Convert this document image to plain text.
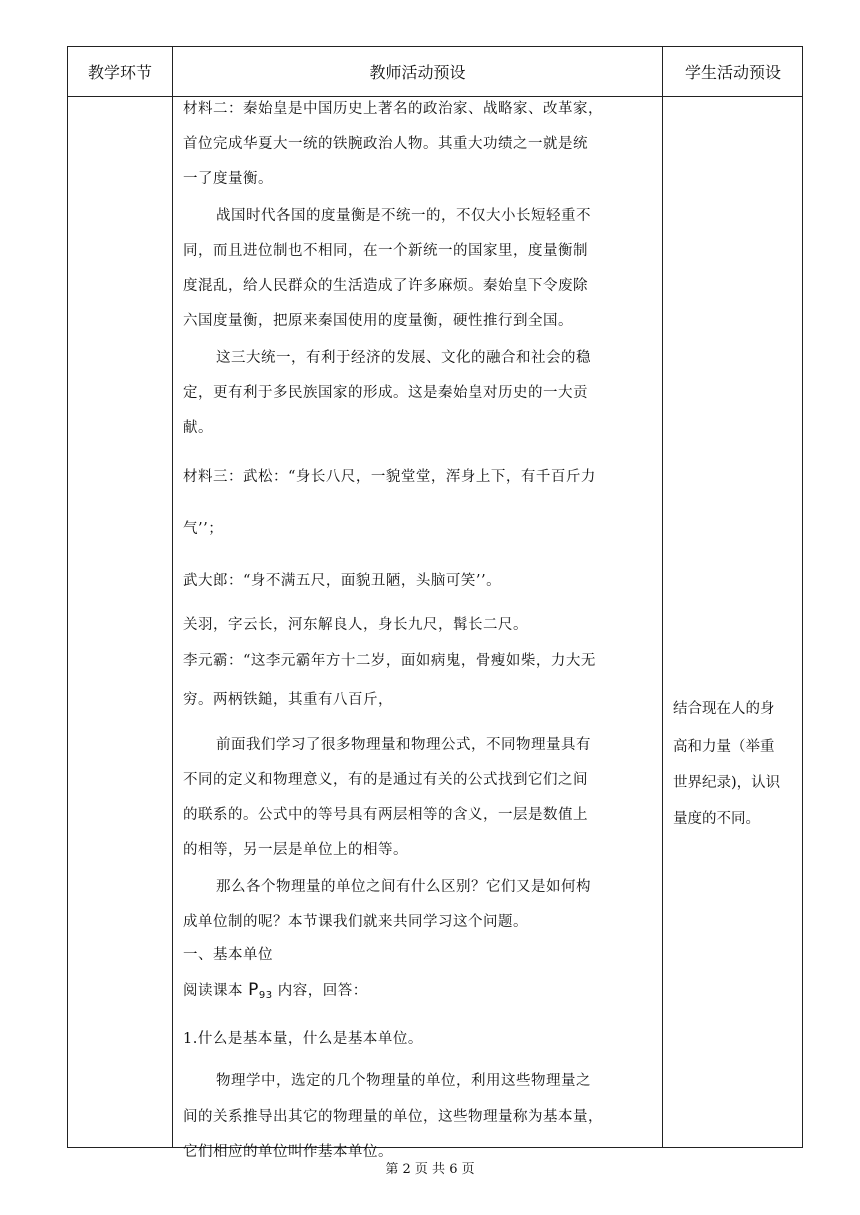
教学环节	教师活动预设	学生活动预设
材料二：秦始皇是中国历史上著名的政治家、战略家、改革家，
首位完成华夏大一统的铁腕政治人物。其重大功绩之一就是统
一了度量衡。
战国时代各国的度量衡是不统一的，不仅大小长短轻重不
同，而且进位制也不相同，在一个新统一的国家里，度量衡制
度混乱，给人民群众的生活造成了许多麻烦。秦始皇下令废除
六国度量衡，把原来秦国使用的度量衡，硬性推行到全国。
这三大统一，有利于经济的发展、文化的融合和社会的稳
定，更有利于多民族国家的形成。这是秦始皇对历史的一大贡
献。
材料三：武松：“身长八尺，一貌堂堂，浑身上下，有千百斤力
气’’；
武大郎：“身不满五尺，面貌丑陋，头脑可笑’’。
关羽，字云长，河东解良人，身长九尺，髯长二尺。
李元霸：“这李元霸年方十二岁，面如病鬼，骨瘦如柴，力大无
穷。两柄铁鎚，其重有八百斤，
前面我们学习了很多物理量和物理公式，不同物理量具有
不同的定义和物理意义，有的是通过有关的公式找到它们之间
的联系的。公式中的等号具有两层相等的含义，一层是数值上
的相等，另一层是单位上的相等。
那么各个物理量的单位之间有什么区别？它们又是如何构
成单位制的呢？本节课我们就来共同学习这个问题。
一、基本单位
阅读课本 $P_{93}$ 内容，回答：
1.什么是基本量，什么是基本单位。
物理学中，选定的几个物理量的单位，利用这些物理量之
间的关系推导出其它的物理量的单位，这些物理量称为基本量，
它们相应的单位叫作基本单位。
结合现在人的身
高和力量（举重
世界纪录)，认识
量度的不同。
第 2 页 共 6 页
